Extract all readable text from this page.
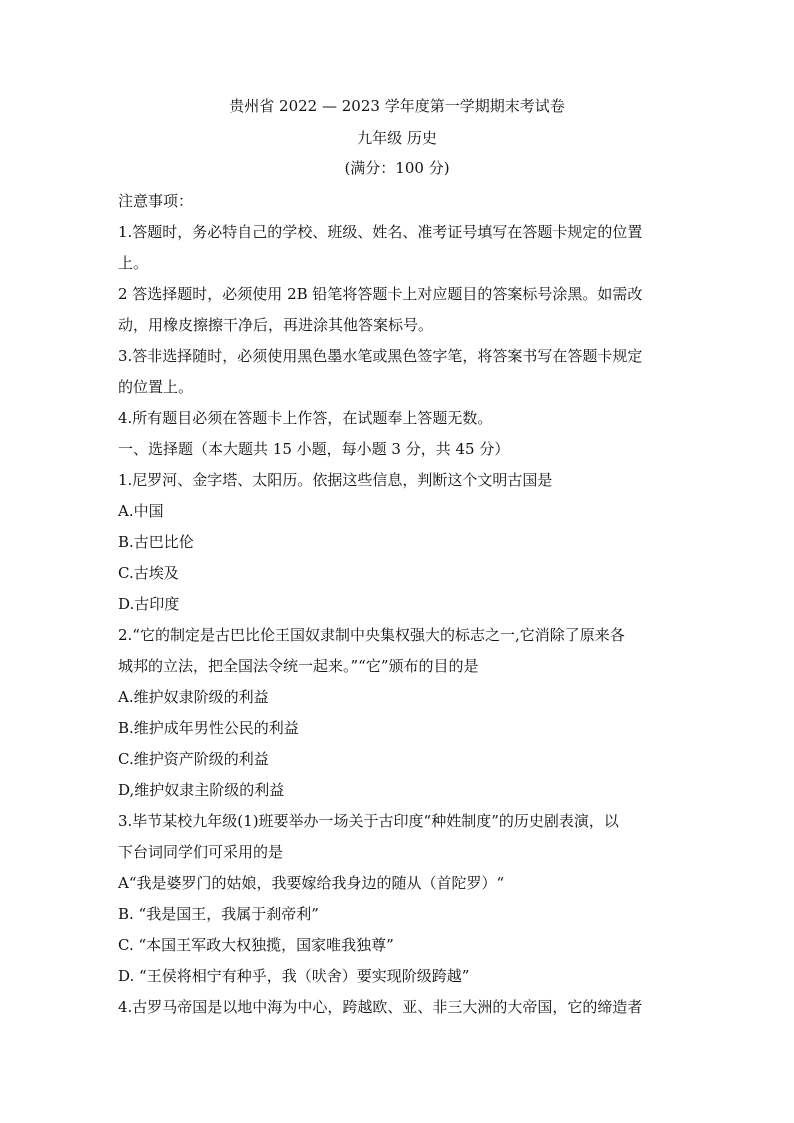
贵州省 2022 — 2023 学年度第一学期期末考试卷
九年级 历史
(满分：100 分)
注意事项：
1.答题时，务必特自己的学校、班级、姓名、准考证号填写在答题卡规定的位置
上。
2 答选择题时，必须使用 2B 铅笔将答题卡上对应题目的答案标号涂黑。如需改
动，用橡皮擦擦干净后，再进涂其他答案标号。
3.答非选择随时，必须使用黑色墨水笔或黑色签字笔，将答案书写在答题卡规定
的位置上。
4.所有题目必须在答题卡上作答，在试题奉上答题无数。
一、选择题（本大题共 15 小题，每小题 3 分，共 45 分）
1.尼罗河、金字塔、太阳历。依据这些信息，判断这个文明古国是
A.中国
B.古巴比伦
C.古埃及
D.古印度
2.“它的制定是古巴比伦王国奴隶制中央集权强大的标志之一,它消除了原来各
城邦的立法，把全国法令统一起来。”“它”颁布的目的是
A.维护奴隶阶级的利益
B.维护成年男性公民的利益
C.维护资产阶级的利益
D,维护奴隶主阶级的利益
3.毕节某校九年级(1)班要举办一场关于古印度“种姓制度”的历史剧表演，以
下台词同学们可采用的是
A“我是婆罗门的姑娘，我要嫁给我身边的随从（首陀罗）“
B. “我是国王，我属于刹帝利”
C. “本国王军政大权独揽，国家唯我独尊”
D. “王侯将相宁有种乎，我（吠舍）要实现阶级跨越”
4.古罗马帝国是以地中海为中心，跨越欧、亚、非三大洲的大帝国，它的缔造者
